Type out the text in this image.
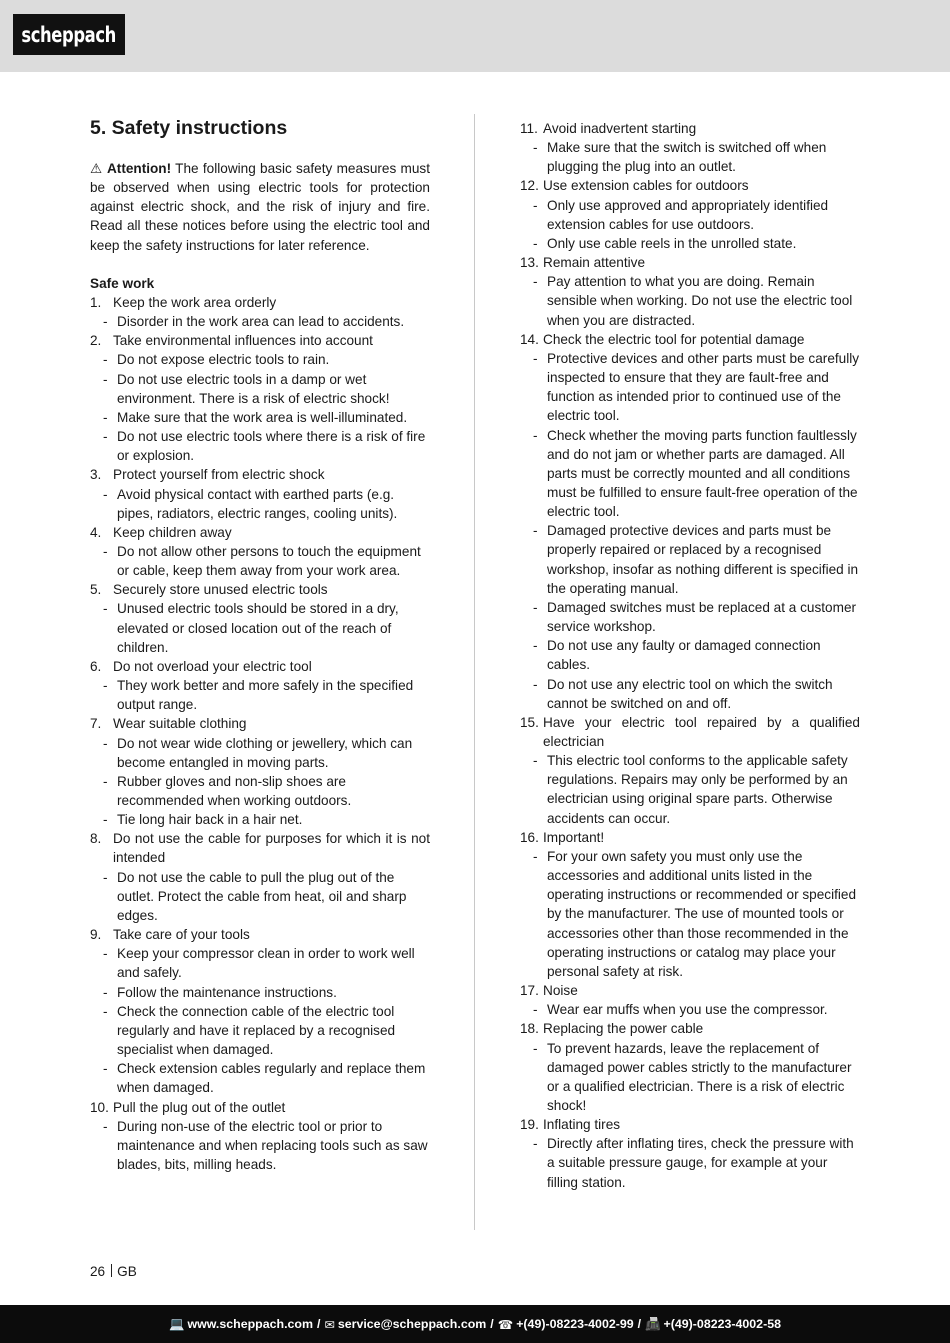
scheppach
5. Safety instructions

⚠ Attention! The following basic safety measures must be observed when using electric tools for protection against electric shock, and the risk of injury and fire. Read all these notices before using the electric tool and keep the safety instructions for later reference.

Safe work

1. Keep the work area orderly

- Disorder in the work area can lead to accidents.

2. Take environmental influences into account

- Do not expose electric tools to rain.

- Do not use electric tools in a damp or wet environment. There is a risk of electric shock!

- Make sure that the work area is well-illuminated.

- Do not use electric tools where there is a risk of fire or explosion.

3. Protect yourself from electric shock

- Avoid physical contact with earthed parts (e.g. pipes, radiators, electric ranges, cooling units).

4. Keep children away

- Do not allow other persons to touch the equipment or cable, keep them away from your work area.

5. Securely store unused electric tools

- Unused electric tools should be stored in a dry, elevated or closed location out of the reach of children.

6. Do not overload your electric tool

- They work better and more safely in the specified output range.

7. Wear suitable clothing

- Do not wear wide clothing or jewellery, which can become entangled in moving parts.

- Rubber gloves and non-slip shoes are recommended when working outdoors.

- Tie long hair back in a hair net.

8. Do not use the cable for purposes for which it is not intended

- Do not use the cable to pull the plug out of the outlet. Protect the cable from heat, oil and sharp edges.

9. Take care of your tools

- Keep your compressor clean in order to work well and safely.

- Follow the maintenance instructions.

- Check the connection cable of the electric tool regularly and have it replaced by a recognised specialist when damaged.

- Check extension cables regularly and replace them when damaged.

10. Pull the plug out of the outlet

- During non-use of the electric tool or prior to maintenance and when replacing tools such as saw blades, bits, milling heads.

11. Avoid inadvertent starting

- Make sure that the switch is switched off when plugging the plug into an outlet.

12. Use extension cables for outdoors

- Only use approved and appropriately identified extension cables for use outdoors.

- Only use cable reels in the unrolled state.

13. Remain attentive

- Pay attention to what you are doing. Remain sensible when working. Do not use the electric tool when you are distracted.

14. Check the electric tool for potential damage

- Protective devices and other parts must be carefully inspected to ensure that they are fault-free and function as intended prior to continued use of the electric tool.

- Check whether the moving parts function faultlessly and do not jam or whether parts are damaged. All parts must be correctly mounted and all conditions must be fulfilled to ensure fault-free operation of the electric tool.

- Damaged protective devices and parts must be properly repaired or replaced by a recognised workshop, insofar as nothing different is specified in the operating manual.

- Damaged switches must be replaced at a customer service workshop.

- Do not use any faulty or damaged connection cables.

- Do not use any electric tool on which the switch cannot be switched on and off.

15. Have your electric tool repaired by a qualified electrician

- This electric tool conforms to the applicable safety regulations. Repairs may only be performed by an electrician using original spare parts. Otherwise accidents can occur.

16. Important!

- For your own safety you must only use the accessories and additional units listed in the operating instructions or recommended or specified by the manufacturer. The use of mounted tools or accessories other than those recommended in the operating instructions or catalog may place your personal safety at risk.

17. Noise

- Wear ear muffs when you use the compressor.

18. Replacing the power cable

- To prevent hazards, leave the replacement of damaged power cables strictly to the manufacturer or a qualified electrician. There is a risk of electric shock!

19. Inflating tires

- Directly after inflating tires, check the pressure with a suitable pressure gauge, for example at your filling station.

26 GB
💻 www.scheppach.com / ✉ service@scheppach.com / ☎ +(49)-08223-4002-99 / 📠 +(49)-08223-4002-58
